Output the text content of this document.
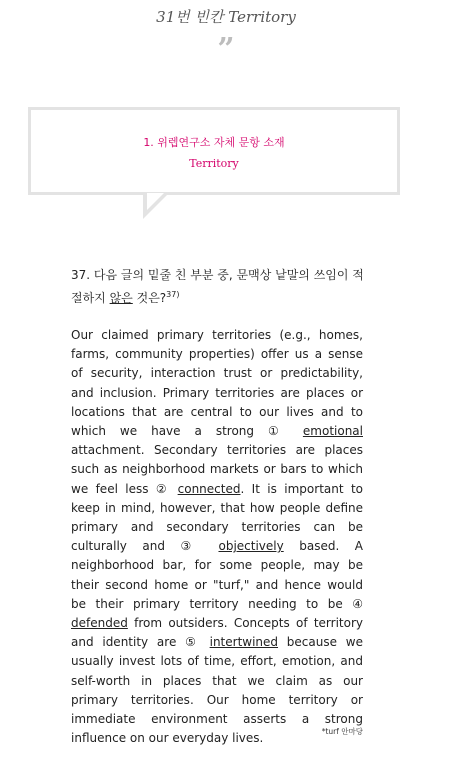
31번 빈칸 Territory
”
1. 위렙연구소 자체 문항 소재
Territory
37. 다음 글의 밑줄 친 부분 중, 문맥상 낱말의 쓰임이 적절하지 않은 것은?$^{37)}$
Our claimed primary territories (e.g., homes, farms, community properties) offer us a sense of security, interaction trust or predictability, and inclusion. Primary territories are places or locations that are central to our lives and to which we have a strong ① emotional attachment. Secondary territories are places such as neighborhood markets or bars to which we feel less ② connected. It is important to keep in mind, however, that how people define primary and secondary territories can be culturally and ③ objectively based. A neighborhood bar, for some people, may be their second home or "turf," and hence would be their primary territory needing to be ④ defended from outsiders. Concepts of territory and identity are ⑤ intertwined because we usually invest lots of time, effort, emotion, and self-worth in places that we claim as our primary territories. Our home territory or immediate environment asserts a strong influence on our everyday lives.	*turf 안마당
